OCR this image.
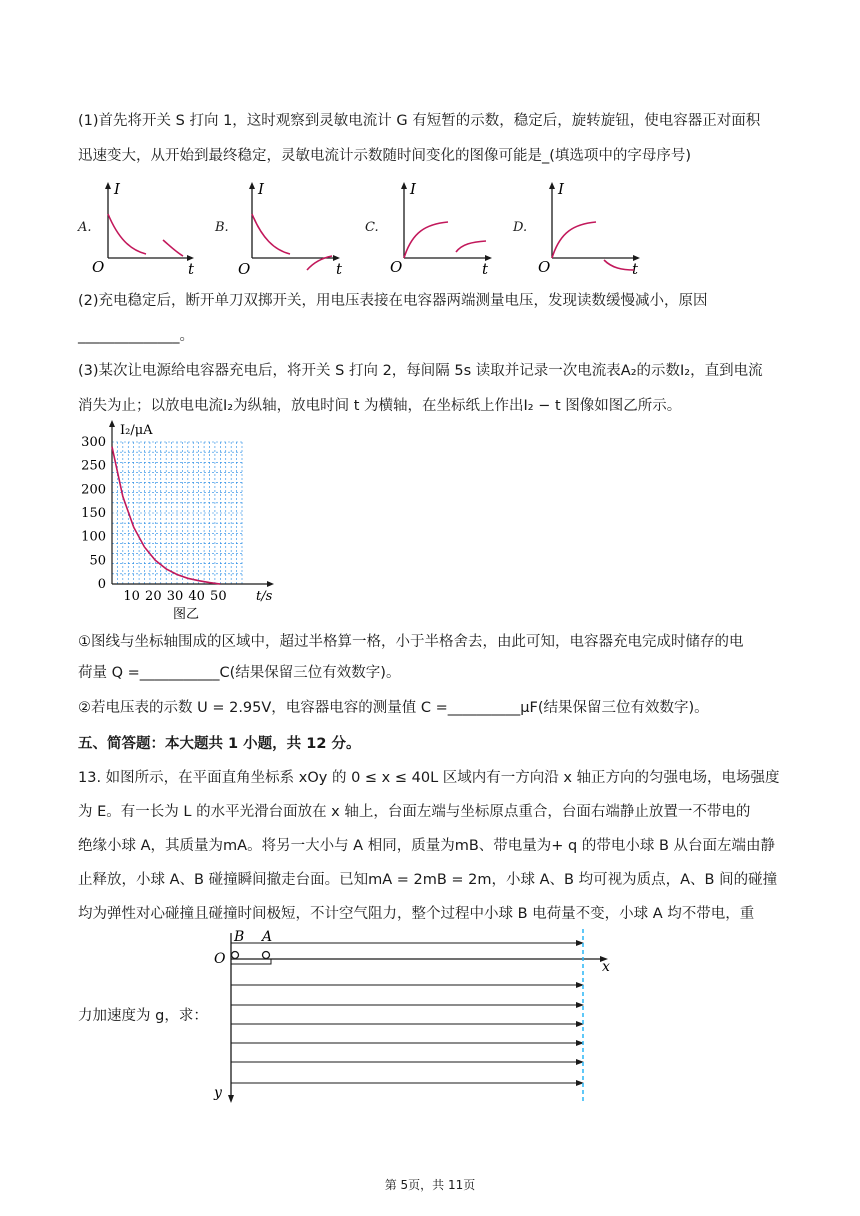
(1)首先将开关 S 打向 1，这时观察到灵敏电流计 G 有短暂的示数，稳定后，旋转旋钮，使电容器正对面积
迅速变大，从开始到最终稳定，灵敏电流计示数随时间变化的图像可能是_(填选项中的字母序号)
A.	B.	C.	D.
I
O	t
I
O	t
I
O	t
I
O	t
(2)充电稳定后，断开单刀双掷开关，用电压表接在电容器两端测量电压，发现读数缓慢减小，原因
______________。
(3)某次让电源给电容器充电后，将开关 S 打向 2，每间隔 5s 读取并记录一次电流表A₂的示数I₂，直到电流
消失为止；以放电电流I₂为纵轴，放电时间 t 为横轴，在坐标纸上作出I₂ − t 图像如图乙所示。
0
50
100
150
200
250
300
10 20 30 40 50
I₂/μA
t/s
图乙
①图线与坐标轴围成的区域中，超过半格算一格，小于半格舍去，由此可知，电容器充电完成时储存的电
荷量 Q =___________C(结果保留三位有效数字)。
②若电压表的示数 U = 2.95V，电容器电容的测量值 C =__________μF(结果保留三位有效数字)。
五、简答题：本大题共 1 小题，共 12 分。
13. 如图所示，在平面直角坐标系 xOy 的 0 ≤ x ≤ 40L 区域内有一方向沿 x 轴正方向的匀强电场，电场强度
为 E。有一长为 L 的水平光滑台面放在 x 轴上，台面左端与坐标原点重合，台面右端静止放置一不带电的
绝缘小球 A，其质量为mA。将另一大小与 A 相同，质量为mB、带电量为+ q 的带电小球 B 从台面左端由静
止释放，小球 A、B 碰撞瞬间撤走台面。已知mA = 2mB = 2m，小球 A、B 均可视为质点，A、B 间的碰撞
均为弹性对心碰撞且碰撞时间极短，不计空气阻力，整个过程中小球 B 电荷量不变，小球 A 均不带电，重
力加速度为 g，求：
B A
O	x
y
第 5页，共 11页
